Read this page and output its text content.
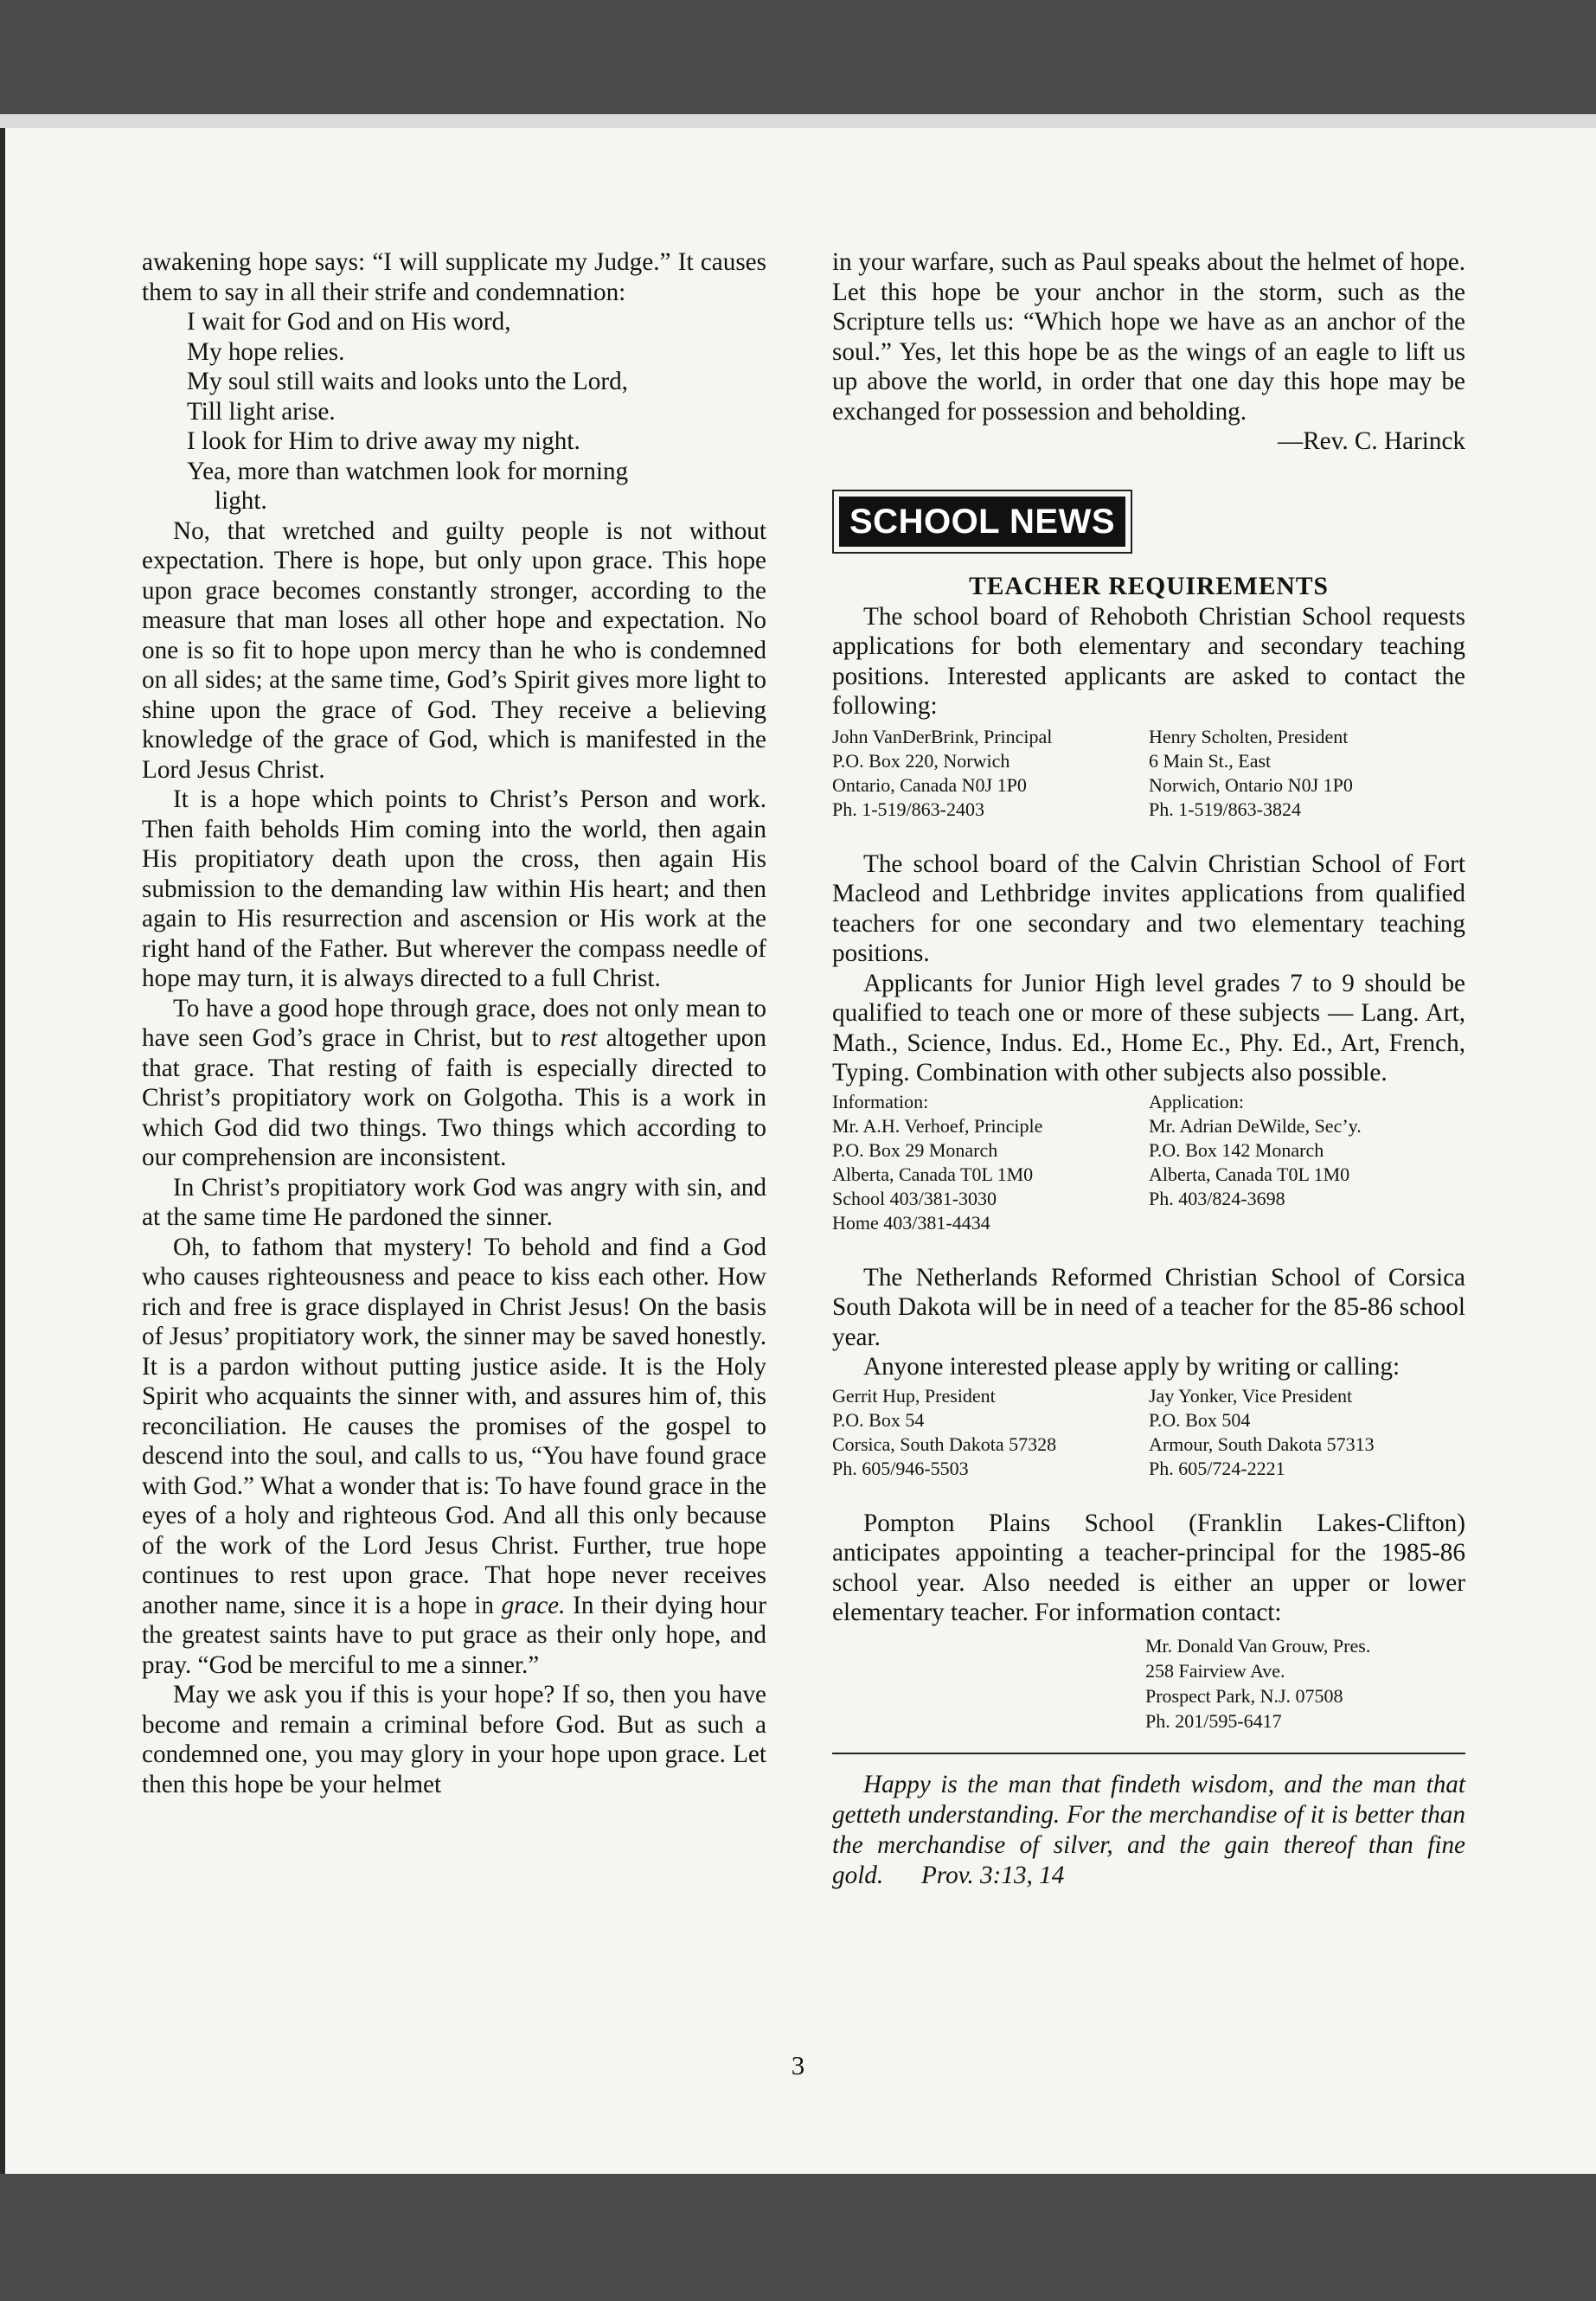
awakening hope says: “I will supplicate my Judge.” It causes them to say in all their strife and condemnation:

I wait for God and on His word,
My hope relies.
My soul still waits and looks unto the Lord,
Till light arise.
I look for Him to drive away my night.
Yea, more than watchmen look for morning
light.

No, that wretched and guilty people is not without expectation. There is hope, but only upon grace. This hope upon grace becomes constantly stronger, according to the measure that man loses all other hope and expectation. No one is so fit to hope upon mercy than he who is condemned on all sides; at the same time, God’s Spirit gives more light to shine upon the grace of God. They receive a believing knowledge of the grace of God, which is manifested in the Lord Jesus Christ.

It is a hope which points to Christ’s Person and work. Then faith beholds Him coming into the world, then again His propitiatory death upon the cross, then again His submission to the demanding law within His heart; and then again to His resurrection and ascension or His work at the right hand of the Father. But wherever the compass needle of hope may turn, it is always directed to a full Christ.

To have a good hope through grace, does not only mean to have seen God’s grace in Christ, but to rest altogether upon that grace. That resting of faith is especially directed to Christ’s propitiatory work on Golgotha. This is a work in which God did two things. Two things which according to our comprehension are inconsistent.

In Christ’s propitiatory work God was angry with sin, and at the same time He pardoned the sinner.

Oh, to fathom that mystery! To behold and find a God who causes righteousness and peace to kiss each other. How rich and free is grace displayed in Christ Jesus! On the basis of Jesus’ propitiatory work, the sinner may be saved honestly. It is a pardon without putting justice aside. It is the Holy Spirit who acquaints the sinner with, and assures him of, this reconciliation. He causes the promises of the gospel to descend into the soul, and calls to us, “You have found grace with God.” What a wonder that is: To have found grace in the eyes of a holy and righteous God. And all this only because of the work of the Lord Jesus Christ. Further, true hope continues to rest upon grace. That hope never receives another name, since it is a hope in grace. In their dying hour the greatest saints have to put grace as their only hope, and pray. “God be merciful to me a sinner.”

May we ask you if this is your hope? If so, then you have become and remain a criminal before God. But as such a condemned one, you may glory in your hope upon grace. Let then this hope be your helmet

in your warfare, such as Paul speaks about the helmet of hope. Let this hope be your anchor in the storm, such as the Scripture tells us: “Which hope we have as an anchor of the soul.” Yes, let this hope be as the wings of an eagle to lift us up above the world, in order that one day this hope may be exchanged for possession and beholding.

—Rev. C. Harinck
SCHOOL NEWS
TEACHER REQUIREMENTS

The school board of Rehoboth Christian School requests applications for both elementary and secondary teaching positions. Interested applicants are asked to contact the following:

John VanDerBrink, Principal
P.O. Box 220, Norwich
Ontario, Canada N0J 1P0
Ph. 1-519/863-2403
Henry Scholten, President
6 Main St., East
Norwich, Ontario N0J 1P0
Ph. 1-519/863-3824

The school board of the Calvin Christian School of Fort Macleod and Lethbridge invites applications from qualified teachers for one secondary and two elementary teaching positions.

Applicants for Junior High level grades 7 to 9 should be qualified to teach one or more of these subjects — Lang. Art, Math., Science, Indus. Ed., Home Ec., Phy. Ed., Art, French, Typing. Combination with other subjects also possible.

Information:
Mr. A.H. Verhoef, Principle
P.O. Box 29 Monarch
Alberta, Canada T0L 1M0
School 403/381-3030
Home 403/381-4434
Application:
Mr. Adrian DeWilde, Sec’y.
P.O. Box 142 Monarch
Alberta, Canada T0L 1M0
Ph. 403/824-3698

The Netherlands Reformed Christian School of Corsica South Dakota will be in need of a teacher for the 85-86 school year.

Anyone interested please apply by writing or calling:

Gerrit Hup, President
P.O. Box 54
Corsica, South Dakota 57328
Ph. 605/946-5503
Jay Yonker, Vice President
P.O. Box 504
Armour, South Dakota 57313
Ph. 605/724-2221

Pompton Plains School (Franklin Lakes-Clifton) anticipates appointing a teacher-principal for the 1985-86 school year. Also needed is either an upper or lower elementary teacher. For information contact:

Mr. Donald Van Grouw, Pres.
258 Fairview Ave.
Prospect Park, N.J. 07508
Ph. 201/595-6417
Happy is the man that findeth wisdom, and the man that getteth understanding. For the merchandise of it is better than the merchandise of silver, and the gain thereof than fine gold. Prov. 3:13, 14
3
